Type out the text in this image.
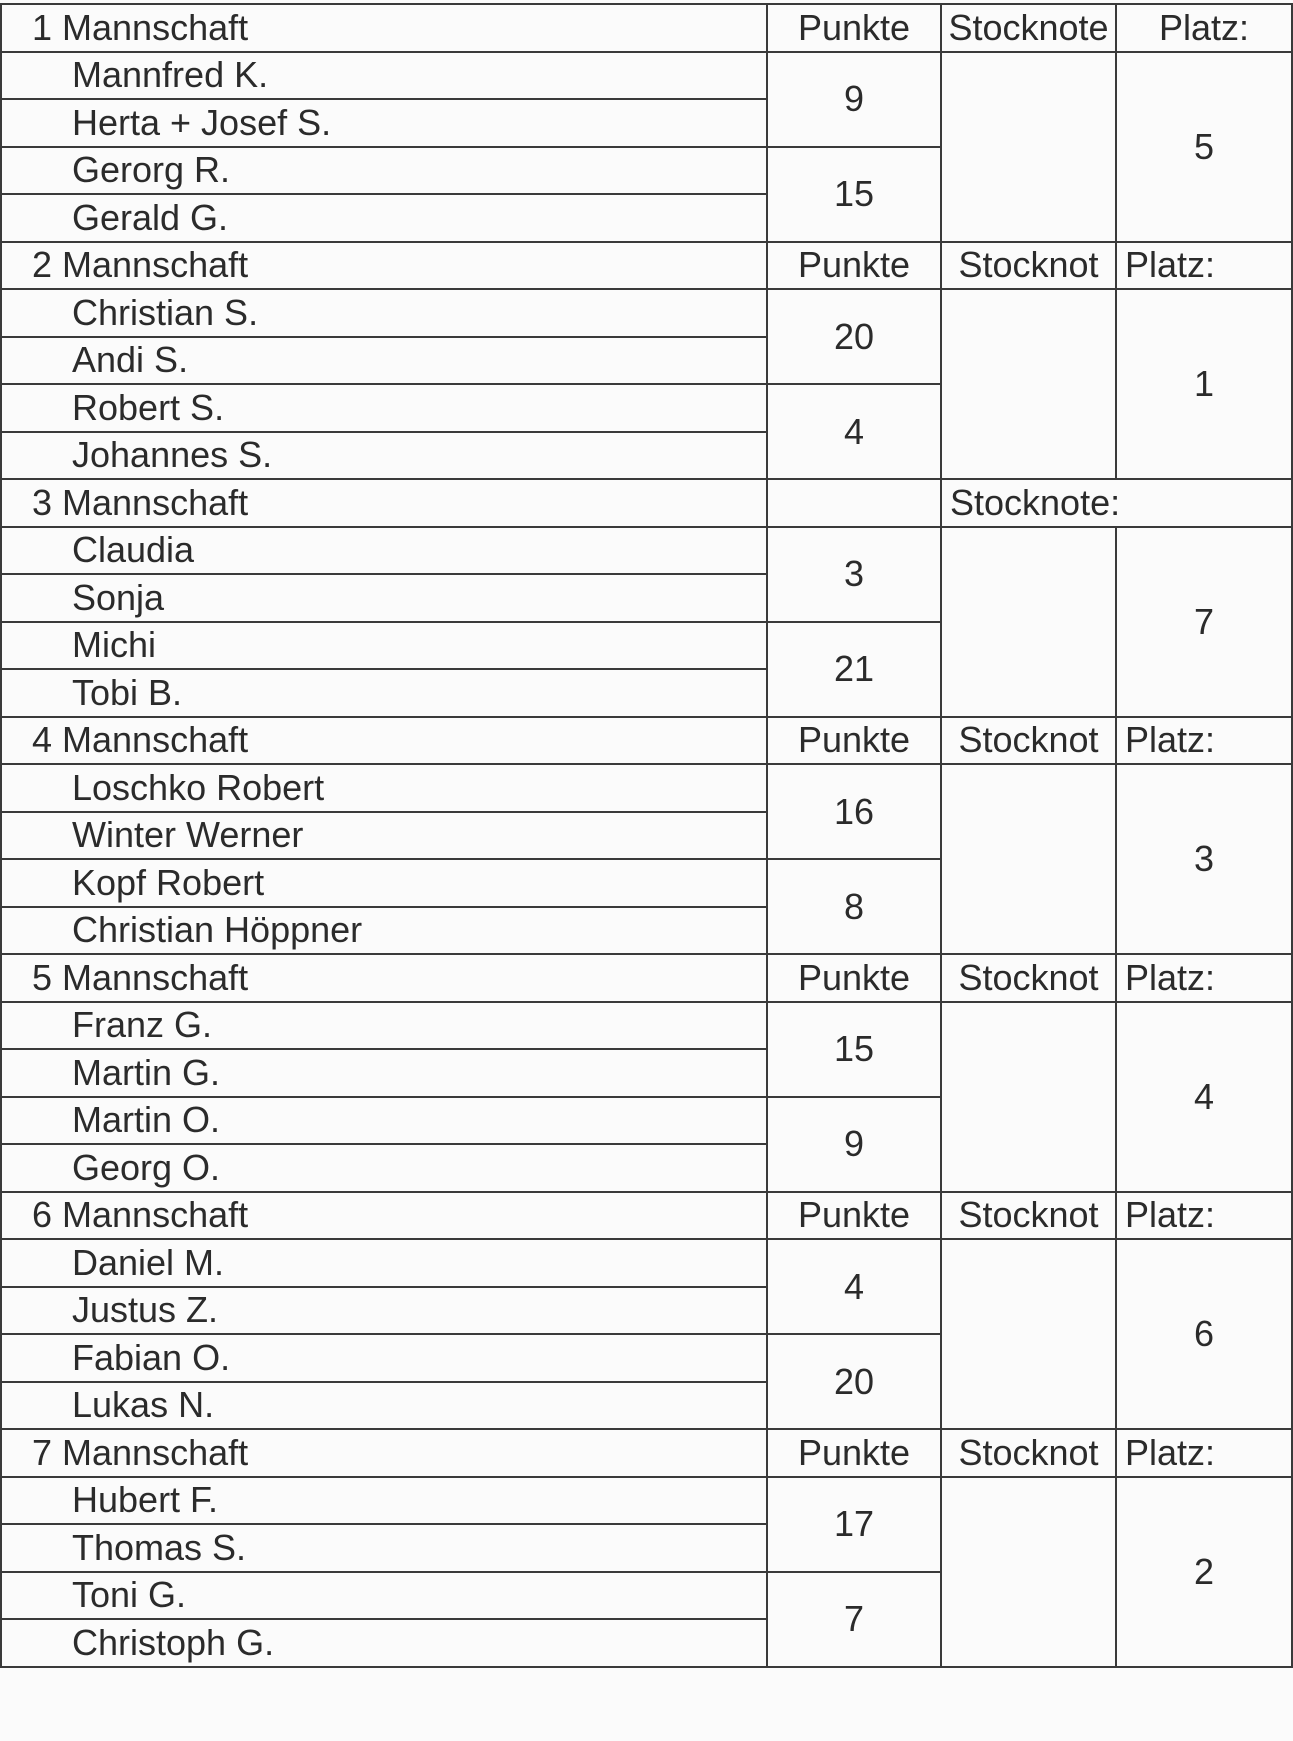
1 Mannschaft	Punkte	Stocknote	Platz:
Mannfred K.	9		5
Herta + Josef S.			
Gerorg R.	15		
Gerald G.			
2 Mannschaft	Punkte	Stocknot	Platz:
Christian S.	20		1
Andi S.			
Robert S.	4		
Johannes S.			
3 Mannschaft		Stocknote:	
Claudia	3		7
Sonja			
Michi	21		
Tobi B.			
4 Mannschaft	Punkte	Stocknot	Platz:
Loschko Robert	16		3
Winter Werner			
Kopf Robert	8		
Christian Höppner			
5 Mannschaft	Punkte	Stocknot	Platz:
Franz G.	15		4
Martin G.			
Martin O.	9		
Georg O.			
6 Mannschaft	Punkte	Stocknot	Platz:
Daniel M.	4		6
Justus Z.			
Fabian O.	20		
Lukas N.			
7 Mannschaft	Punkte	Stocknot	Platz:
Hubert F.	17		2
Thomas S.			
Toni G.	7		
Christoph G.			
